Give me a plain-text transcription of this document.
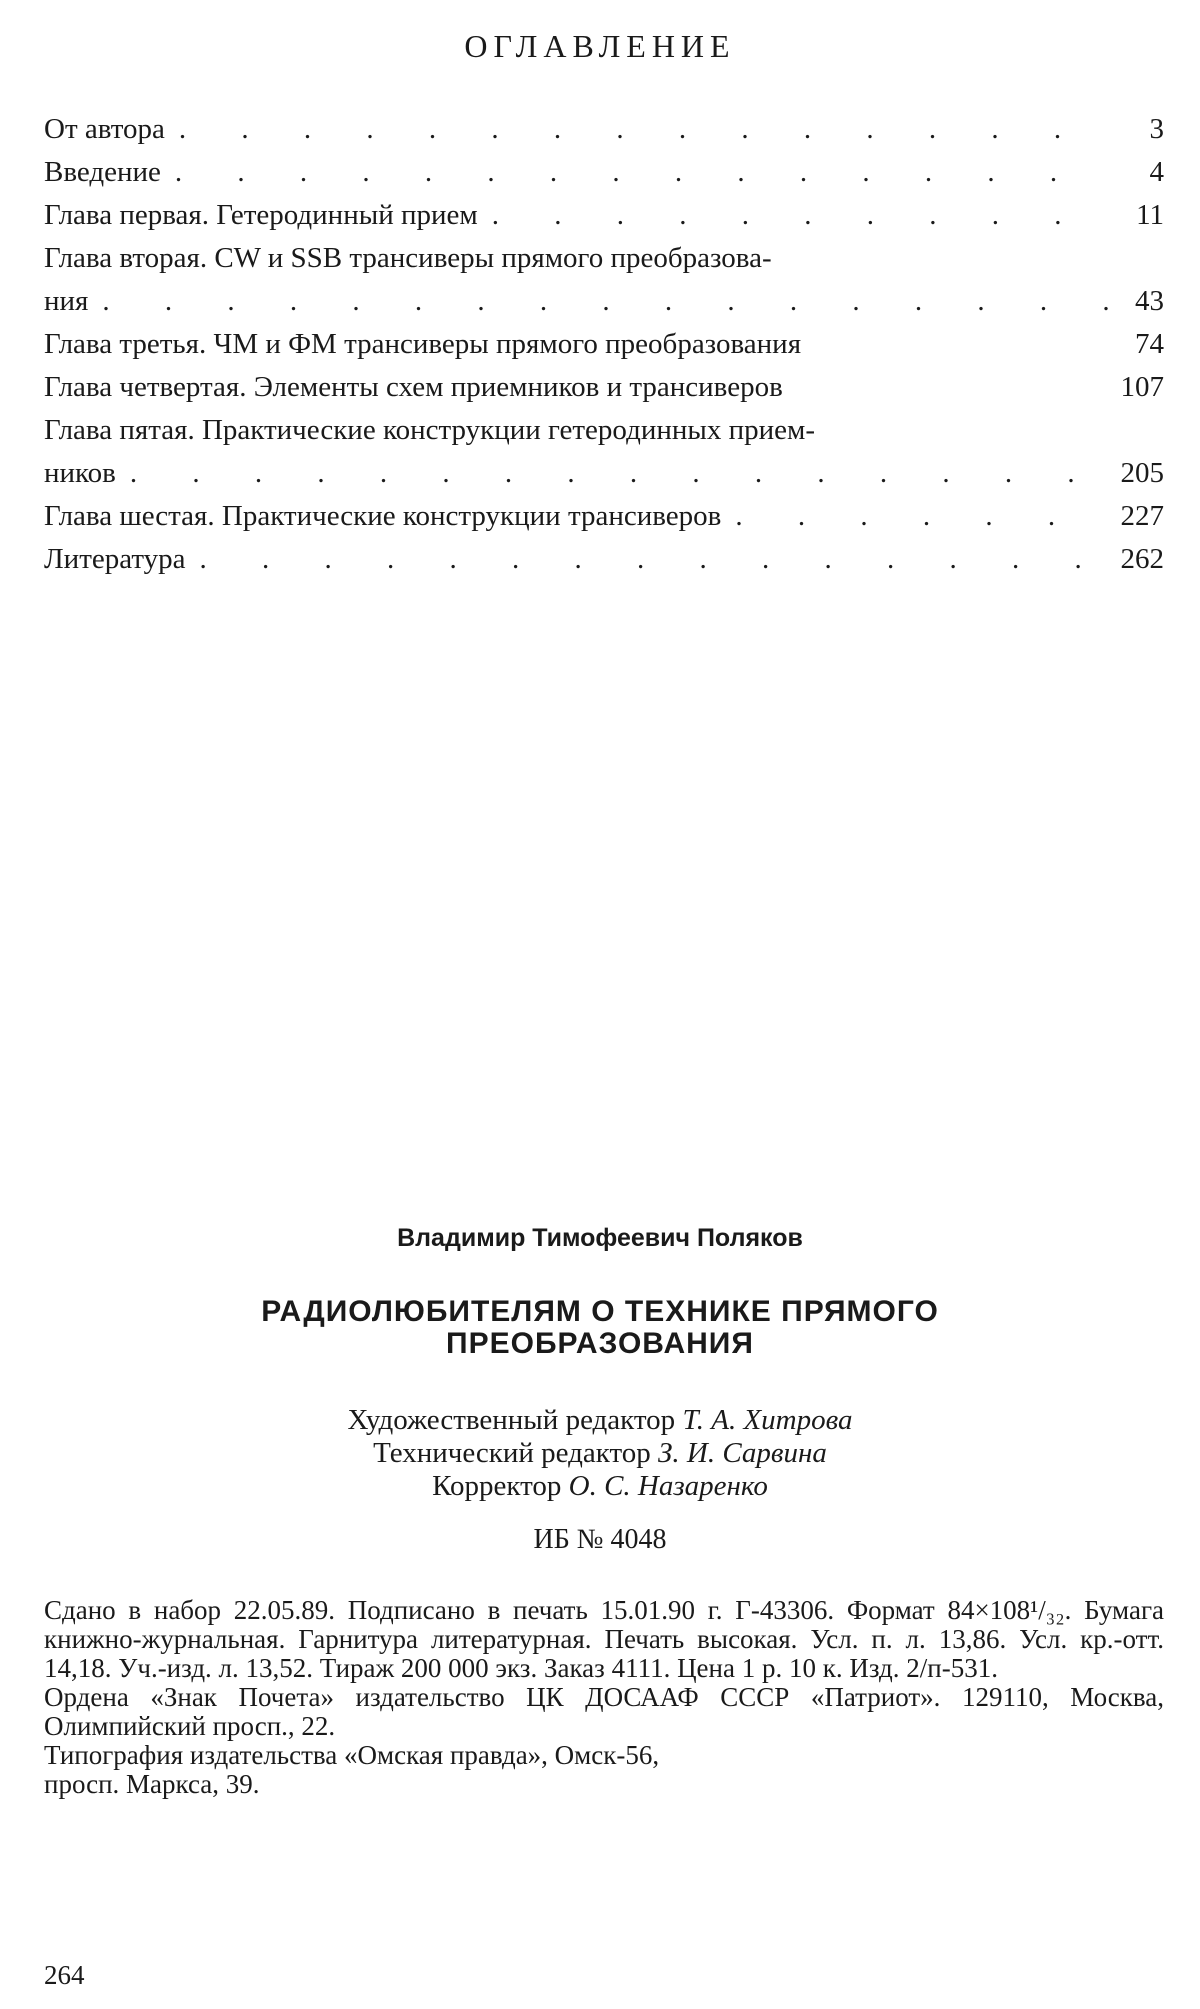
ОГЛАВЛЕНИЕ
От автора . . .	3
Введение . . .	4
Глава первая. Гетеродинный прием . . .	11
Глава вторая. CW и SSB трансиверы прямого преобразова-
ния . . .	43
Глава третья. ЧМ и ФМ трансиверы прямого преобразования	74
Глава четвертая. Элементы схем приемников и трансиверов	107
Глава пятая. Практические конструкции гетеродинных прием-
ников . . .	205
Глава шестая. Практические конструкции трансиверов . . .	227
Литература . . .	262
Владимир Тимофеевич Поляков
РАДИОЛЮБИТЕЛЯМ О ТЕХНИКЕ ПРЯМОГО
ПРЕОБРАЗОВАНИЯ
Художественный редактор Т. А. Хитрова
Технический редактор З. И. Сарвина
Корректор О. С. Назаренко
ИБ № 4048

Сдано в набор 22.05.89. Подписано в печать 15.01.90 г. Г-43306. Формат 84×108¹/₃₂. Бумага книжно-журнальная. Гарнитура литературная. Печать высокая. Усл. п. л. 13,86. Усл. кр.-отт. 14,18. Уч.-изд. л. 13,52. Тираж 200 000 экз. Заказ 4111. Цена 1 р. 10 к. Изд. 2/п-531.

Ордена «Знак Почета» издательство ЦК ДОСААФ СССР «Патриот». 129110, Москва, Олимпийский просп., 22.

Типография издательства «Омская правда», Омск-56,

просп. Маркса, 39.

264
